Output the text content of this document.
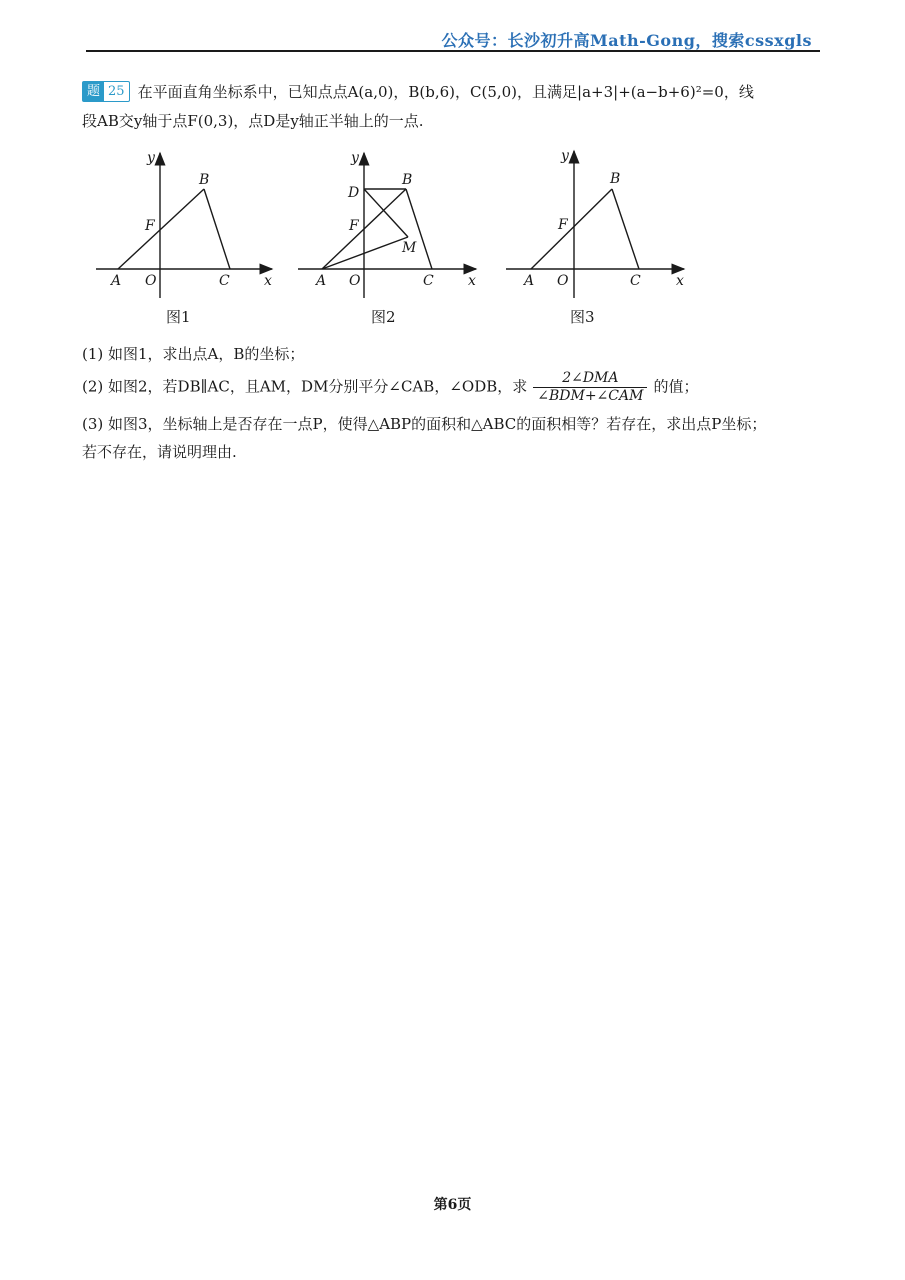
公众号：长沙初升高Math-Gong，搜索cssxgls
题 25 在平面直角坐标系中，已知点点A(a,0)，B(b,6)，C(5,0)，且满足|a+3|+(a−b+6)²=0，线
段AB交y轴于点F(0,3)，点D是y轴正半轴上的一点.
y
B
F
A O	C x
y
D
B
F
M
A O	C x
y
B
F
A O	C	x
图1	图2	图3
(1) 如图1，求出点A，B的坐标；
(2) 如图2，若DB∥AC，且AM，DM分别平分∠CAB，∠ODB，求 $\frac{\text{2∠DMA}}{\text{∠BDM+∠CAM}}$ 的值；
(3) 如图3，坐标轴上是否存在一点P，使得△ABP的面积和△ABC的面积相等？若存在，求出点P坐标；
若不存在，请说明理由.
第6页
